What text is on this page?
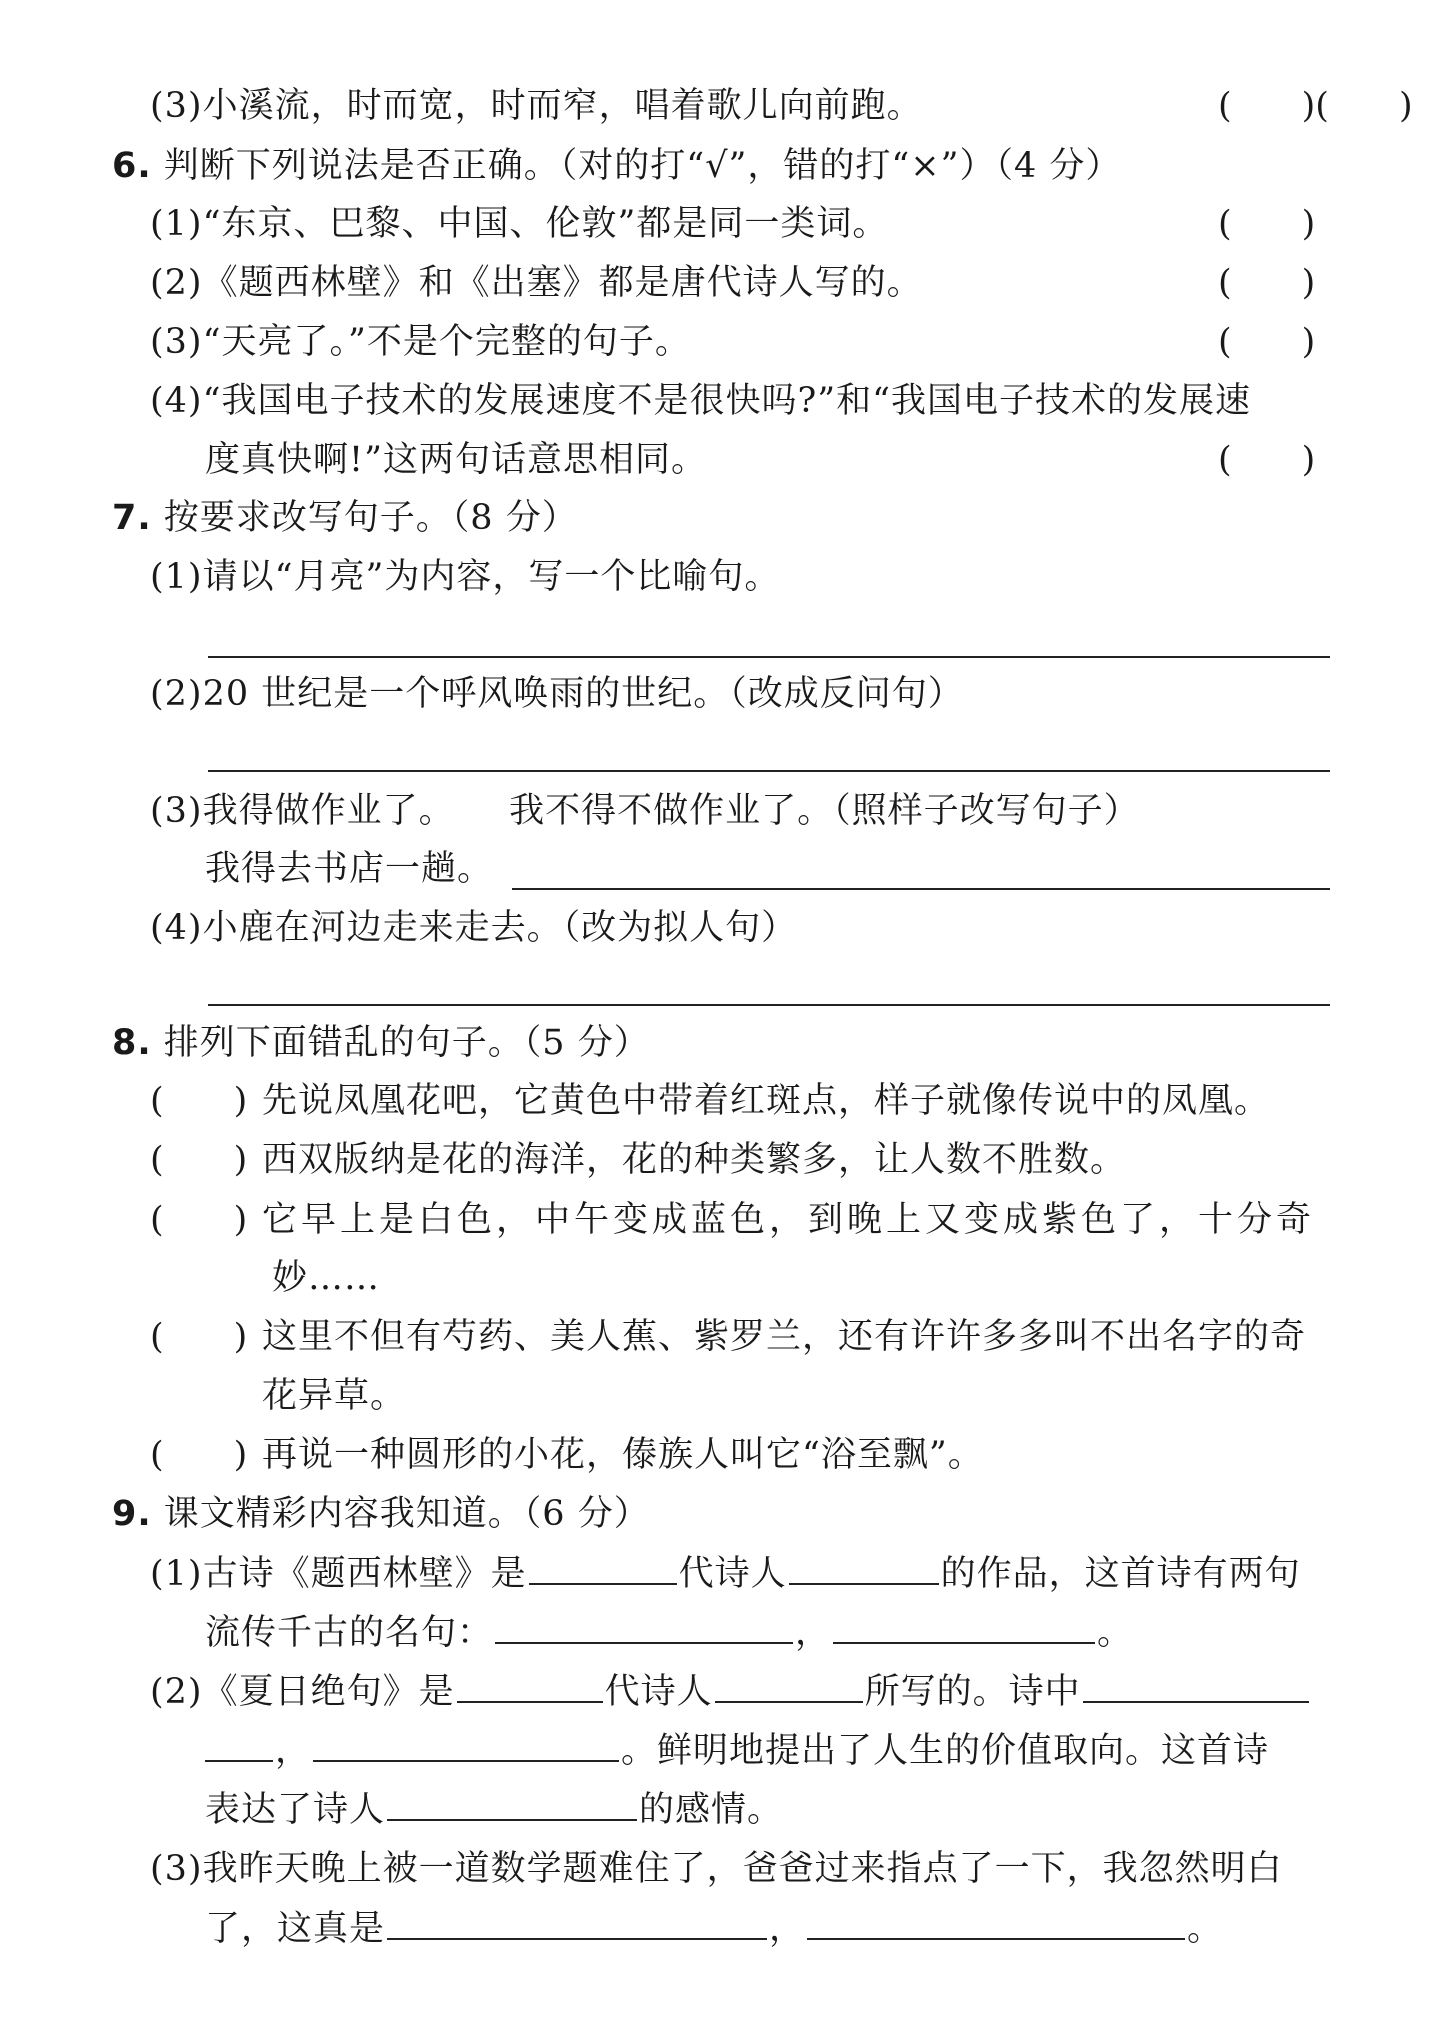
(3)小溪流，时而宽，时而窄，唱着歌儿向前跑。	(　　)(　　)
6. 判断下列说法是否正确。（对的打“√”，错的打“×”）（4 分）
(1)“东京、巴黎、中国、伦敦”都是同一类词。	(　　)
(2)《题西林壁》和《出塞》都是唐代诗人写的。	(　　)
(3)“天亮了。”不是个完整的句子。	(　　)
(4)“我国电子技术的发展速度不是很快吗?”和“我国电子技术的发展速
度真快啊!”这两句话意思相同。	(　　)
7. 按要求改写句子。（8 分）
(1)请以“月亮”为内容，写一个比喻句。
(2)20 世纪是一个呼风唤雨的世纪。（改成反问句）
(3)我得做作业了。　　我不得不做作业了。（照样子改写句子）
我得去书店一趟。
(4)小鹿在河边走来走去。（改为拟人句）
8. 排列下面错乱的句子。（5 分）
(　　) 先说凤凰花吧，它黄色中带着红斑点，样子就像传说中的凤凰。
(　　) 西双版纳是花的海洋，花的种类繁多，让人数不胜数。
(　　) 它早上是白色，中午变成蓝色，到晚上又变成紫色了，十分奇
妙……
(　　) 这里不但有芍药、美人蕉、紫罗兰，还有许许多多叫不出名字的奇
花异草。
(　　) 再说一种圆形的小花，傣族人叫它“浴至飘”。
9. 课文精彩内容我知道。（6 分）
(1)古诗《题西林壁》是	代诗人	的作品，这首诗有两句
流传千古的名句：	，	。
(2)《夏日绝句》是	代诗人	所写的。诗中
，	。鲜明地提出了人生的价值取向。这首诗
表达了诗人	的感情。
(3)我昨天晚上被一道数学题难住了，爸爸过来指点了一下，我忽然明白
了，这真是	，	。
